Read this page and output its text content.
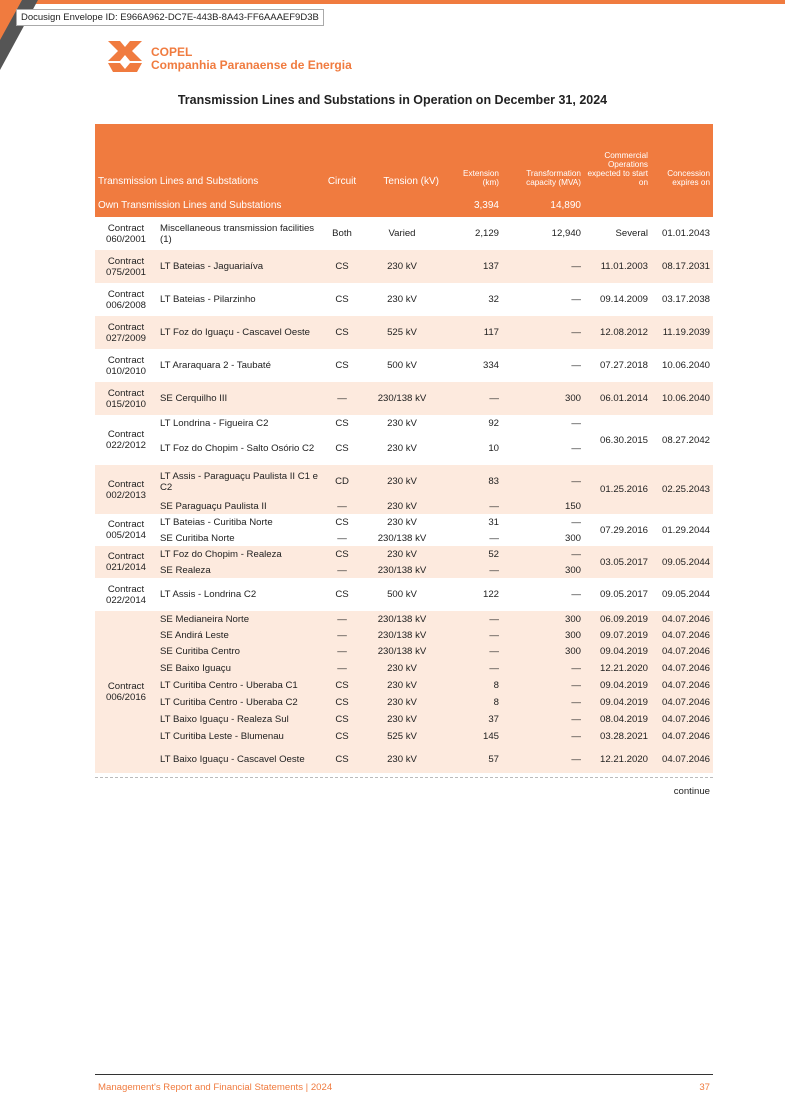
Docusign Envelope ID: E966A962-DC7E-443B-8A43-FF6AAAEF9D3B
COPEL
Companhia Paranaense de Energia
Transmission Lines and Substations in Operation on December 31, 2024
Transmission Lines and Substations		Circuit	Tension (kV)	Extension (km)	Transformation capacity (MVA)	Commercial Operations expected to start on	Concession expires on

Own Transmission Lines and Substations				3,394	14,890		
Contract 060/2001	Miscellaneous transmission facilities (1)	Both	Varied	2,129	12,940	Several	01.01.2043
Contract 075/2001	LT Bateias - Jaguariaíva	CS	230 kV	137	—	11.01.2003	08.17.2031
Contract 006/2008	LT Bateias - Pilarzinho	CS	230 kV	32	—	09.14.2009	03.17.2038
Contract 027/2009	LT Foz do Iguaçu - Cascavel Oeste	CS	525 kV	117	—	12.08.2012	11.19.2039
Contract 010/2010	LT Araraquara 2 - Taubaté	CS	500 kV	334	—	07.27.2018	10.06.2040
Contract 015/2010	SE Cerquilho III	—	230/138 kV	—	300	06.01.2014	10.06.2040
Contract 022/2012	LT Londrina - Figueira C2	CS	230 kV	92	—	06.30.2015	08.27.2042
	LT Foz do Chopim - Salto Osório C2	CS	230 kV	10	—		
Contract 002/2013	LT Assis - Paraguaçu Paulista II C1 e C2	CD	230 kV	83	—	01.25.2016	02.25.2043
	SE Paraguaçu Paulista II	—	230 kV	—	150		
Contract 005/2014	LT Bateias - Curitiba Norte	CS	230 kV	31	—	07.29.2016	01.29.2044
	SE Curitiba Norte	—	230/138 kV	—	300		
Contract 021/2014	LT Foz do Chopim - Realeza	CS	230 kV	52	—	03.05.2017	09.05.2044
	SE Realeza	—	230/138 kV	—	300		
Contract 022/2014	LT Assis - Londrina C2	CS	500 kV	122	—	09.05.2017	09.05.2044
Contract 006/2016	SE Medianeira Norte	—	230/138 kV	—	300	06.09.2019	04.07.2046
	SE Andirá Leste	—	230/138 kV	—	300	09.07.2019	04.07.2046
	SE Curitiba Centro	—	230/138 kV	—	300	09.04.2019	04.07.2046
	SE Baixo Iguaçu	—	230 kV	—	—	12.21.2020	04.07.2046
	LT Curitiba Centro - Uberaba C1	CS	230 kV	8	—	09.04.2019	04.07.2046
	LT Curitiba Centro - Uberaba C2	CS	230 kV	8	—	09.04.2019	04.07.2046
	LT Baixo Iguaçu - Realeza Sul	CS	230 kV	37	—	08.04.2019	04.07.2046
	LT Curitiba Leste - Blumenau	CS	525 kV	145	—	03.28.2021	04.07.2046
	LT Baixo Iguaçu - Cascavel Oeste	CS	230 kV	57	—	12.21.2020	04.07.2046
continue
Management's Report and Financial Statements | 2024	37
